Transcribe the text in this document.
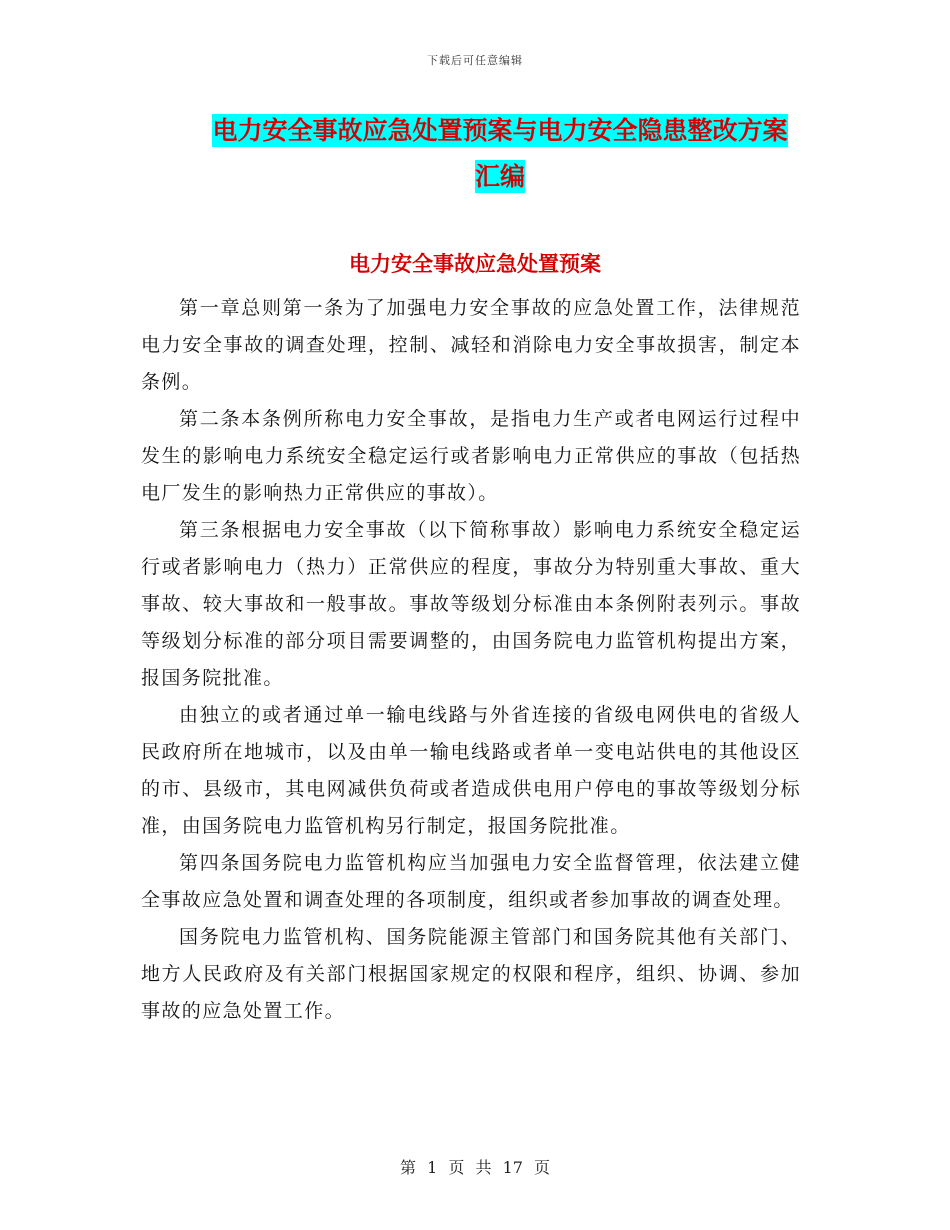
下载后可任意编辑
电力安全事故应急处置预案与电力安全隐患整改方案
汇编
电力安全事故应急处置预案

第一章总则第一条为了加强电力安全事故的应急处置工作，法律规范电力安全事故的调查处理，控制、减轻和消除电力安全事故损害，制定本条例。

第二条本条例所称电力安全事故，是指电力生产或者电网运行过程中发生的影响电力系统安全稳定运行或者影响电力正常供应的事故（包括热电厂发生的影响热力正常供应的事故）。

第三条根据电力安全事故（以下简称事故）影响电力系统安全稳定运行或者影响电力（热力）正常供应的程度，事故分为特别重大事故、重大事故、较大事故和一般事故。事故等级划分标准由本条例附表列示。事故等级划分标准的部分项目需要调整的，由国务院电力监管机构提出方案，报国务院批准。

由独立的或者通过单一输电线路与外省连接的省级电网供电的省级人民政府所在地城市，以及由单一输电线路或者单一变电站供电的其他设区的市、县级市，其电网减供负荷或者造成供电用户停电的事故等级划分标准，由国务院电力监管机构另行制定，报国务院批准。

第四条国务院电力监管机构应当加强电力安全监督管理，依法建立健全事故应急处置和调查处理的各项制度，组织或者参加事故的调查处理。

国务院电力监管机构、国务院能源主管部门和国务院其他有关部门、地方人民政府及有关部门根据国家规定的权限和程序，组织、协调、参加事故的应急处置工作。

第 1 页 共 17 页
